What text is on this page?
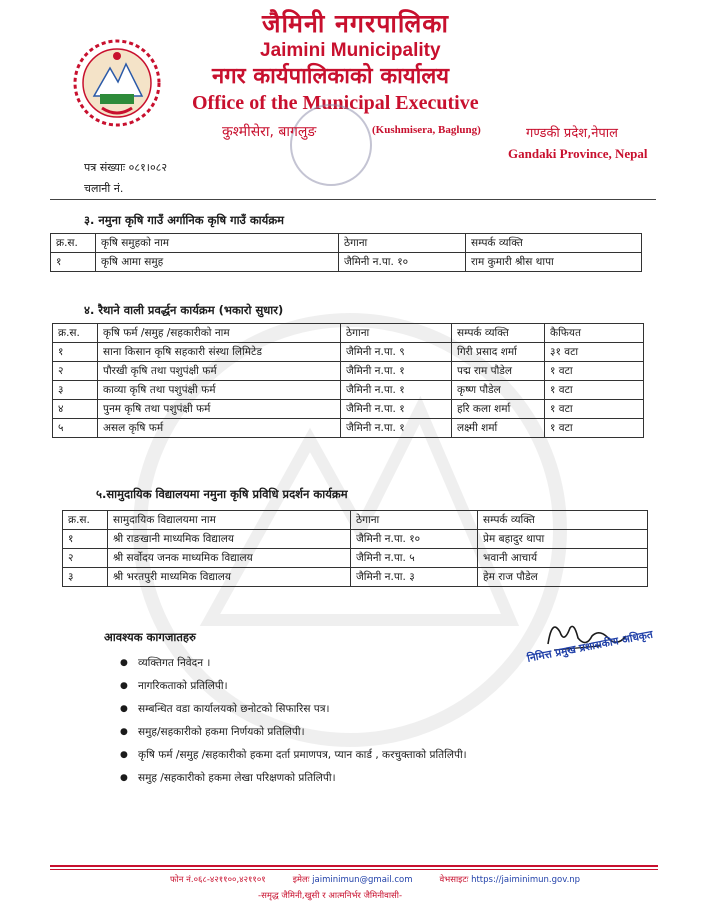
जैमिनी नगरपालिका
Jaimini Municipality
नगर कार्यपालिकाको कार्यालय
Office of the Municipal Executive
कुश्मीसेरा, बागलुङ	(Kushmisera, Baglung)	गण्डकी प्रदेश,नेपाल
Gandaki Province, Nepal
पत्र संख्याः ०८१।०८२
चलानी नं.
३. नमुना कृषि गाउँ अर्गानिक कृषि गाउँ कार्यक्रम
क्र.स.	कृषि समुहको नाम	ठेगाना	सम्पर्क व्यक्ति
१	कृषि आमा समुह	जैमिनी न.पा. १०	राम कुमारी श्रीस थापा
४. रैथाने वाली प्रवर्द्धन कार्यक्रम (भकारो सुधार)
क्र.स.	कृषि फर्म /समुह /सहकारीको नाम	ठेगाना	सम्पर्क व्यक्ति	कैफियत
१	साना किसान कृषि सहकारी संस्था लिमिटेड	जैमिनी न.पा. ९	गिरी प्रसाद शर्मा	३१ वटा
२	पौरखी कृषि तथा पशुपंक्षी फर्म	जैमिनी न.पा. १	पद्म राम पौडेल	१ वटा
३	काव्या कृषि तथा पशुपंक्षी फर्म	जैमिनी न.पा. १	कृष्ण पौडेल	१ वटा
४	पुनम कृषि तथा पशुपंक्षी फर्म	जैमिनी न.पा. १	हरि कला शर्मा	१ वटा
५	असल कृषि फर्म	जैमिनी न.पा. १	लक्ष्मी शर्मा	१ वटा
५.सामुदायिक विद्यालयमा नमुना कृषि प्रविधि प्रदर्शन कार्यक्रम
क्र.स.	सामुदायिक विद्यालयमा नाम	ठेगाना	सम्पर्क व्यक्ति
१	श्री राङखानी माध्यमिक विद्यालय	जैमिनी न.पा. १०	प्रेम बहादुर थापा
२	श्री सर्वोदय जनक माध्यमिक विद्यालय	जैमिनी न.पा. ५	भवानी आचार्य
३	श्री भरतपुरी माध्यमिक विद्यालय	जैमिनी न.पा. ३	हेम राज पौडेल
आवश्यक कागजातहरु
● व्यक्तिगत निवेदन ।
● नागरिकताको प्रतिलिपी।
● सम्बन्धित वडा कार्यालयको छनोटको सिफारिस पत्र।
● समुह/सहकारीको हकमा निर्णयको प्रतिलिपी।
● कृषि फर्म /समुह /सहकारीको हकमा दर्ता प्रमाणपत्र, प्यान कार्ड , करचुक्ताको प्रतिलिपी।
● समुह /सहकारीको हकमा लेखा परिक्षणको प्रतिलिपी।
निमित्त प्रमुख प्रशासकीय अधिकृत
फोन नं.०६८-४२११००,४२११०१	इमेलः jaiminimun@gmail.com	वेभसाइटः https://jaiminimun.gov.np
-समृद्ध जैमिनी,खुसी र आत्मनिर्भर जैमिनीवासी-
